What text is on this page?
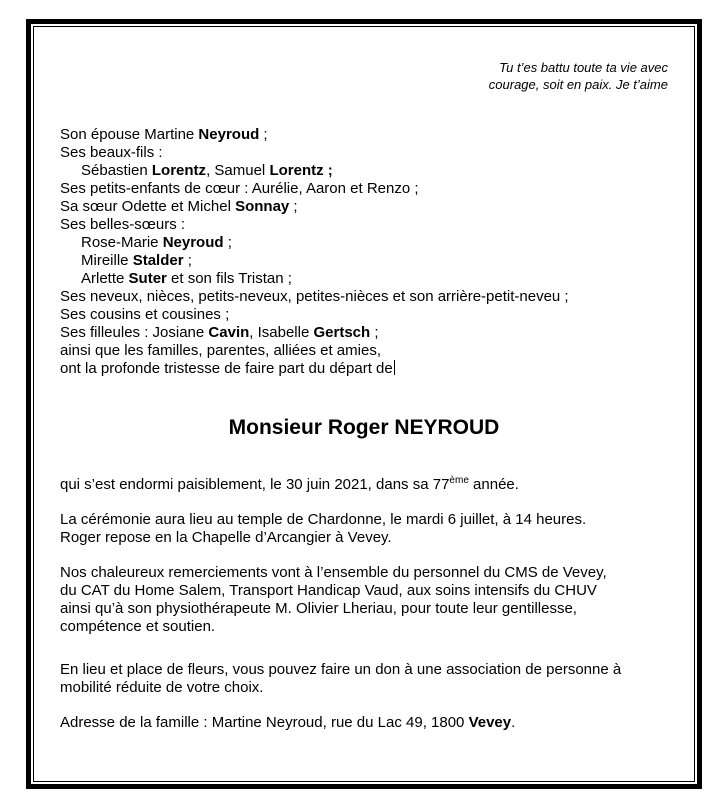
Tu t’es battu toute ta vie avec
courage, soit en paix. Je t’aime
Son épouse Martine Neyroud ;
Ses beaux-fils :
Sébastien Lorentz, Samuel Lorentz ;
Ses petits-enfants de cœur : Aurélie, Aaron et Renzo ;
Sa sœur Odette et Michel Sonnay ;
Ses belles-sœurs :
Rose-Marie Neyroud ;
Mireille Stalder ;
Arlette Suter et son fils Tristan ;
Ses neveux, nièces, petits-neveux, petites-nièces et son arrière-petit-neveu ;
Ses cousins et cousines ;
Ses filleules : Josiane Cavin, Isabelle Gertsch ;
ainsi que les familles, parentes, alliées et amies,
ont la profonde tristesse de faire part du départ de
Monsieur Roger NEYROUD
qui s’est endormi paisiblement, le 30 juin 2021, dans sa 77ème année.
La cérémonie aura lieu au temple de Chardonne, le mardi 6 juillet, à 14 heures.
Roger repose en la Chapelle d’Arcangier à Vevey.
Nos chaleureux remerciements vont à l’ensemble du personnel du CMS de Vevey,
du CAT du Home Salem, Transport Handicap Vaud, aux soins intensifs du CHUV
ainsi qu’à son physiothérapeute M. Olivier Lheriau, pour toute leur gentillesse,
compétence et soutien.
En lieu et place de fleurs, vous pouvez faire un don à une association de personne à
mobilité réduite de votre choix.
Adresse de la famille : Martine Neyroud, rue du Lac 49, 1800 Vevey.
